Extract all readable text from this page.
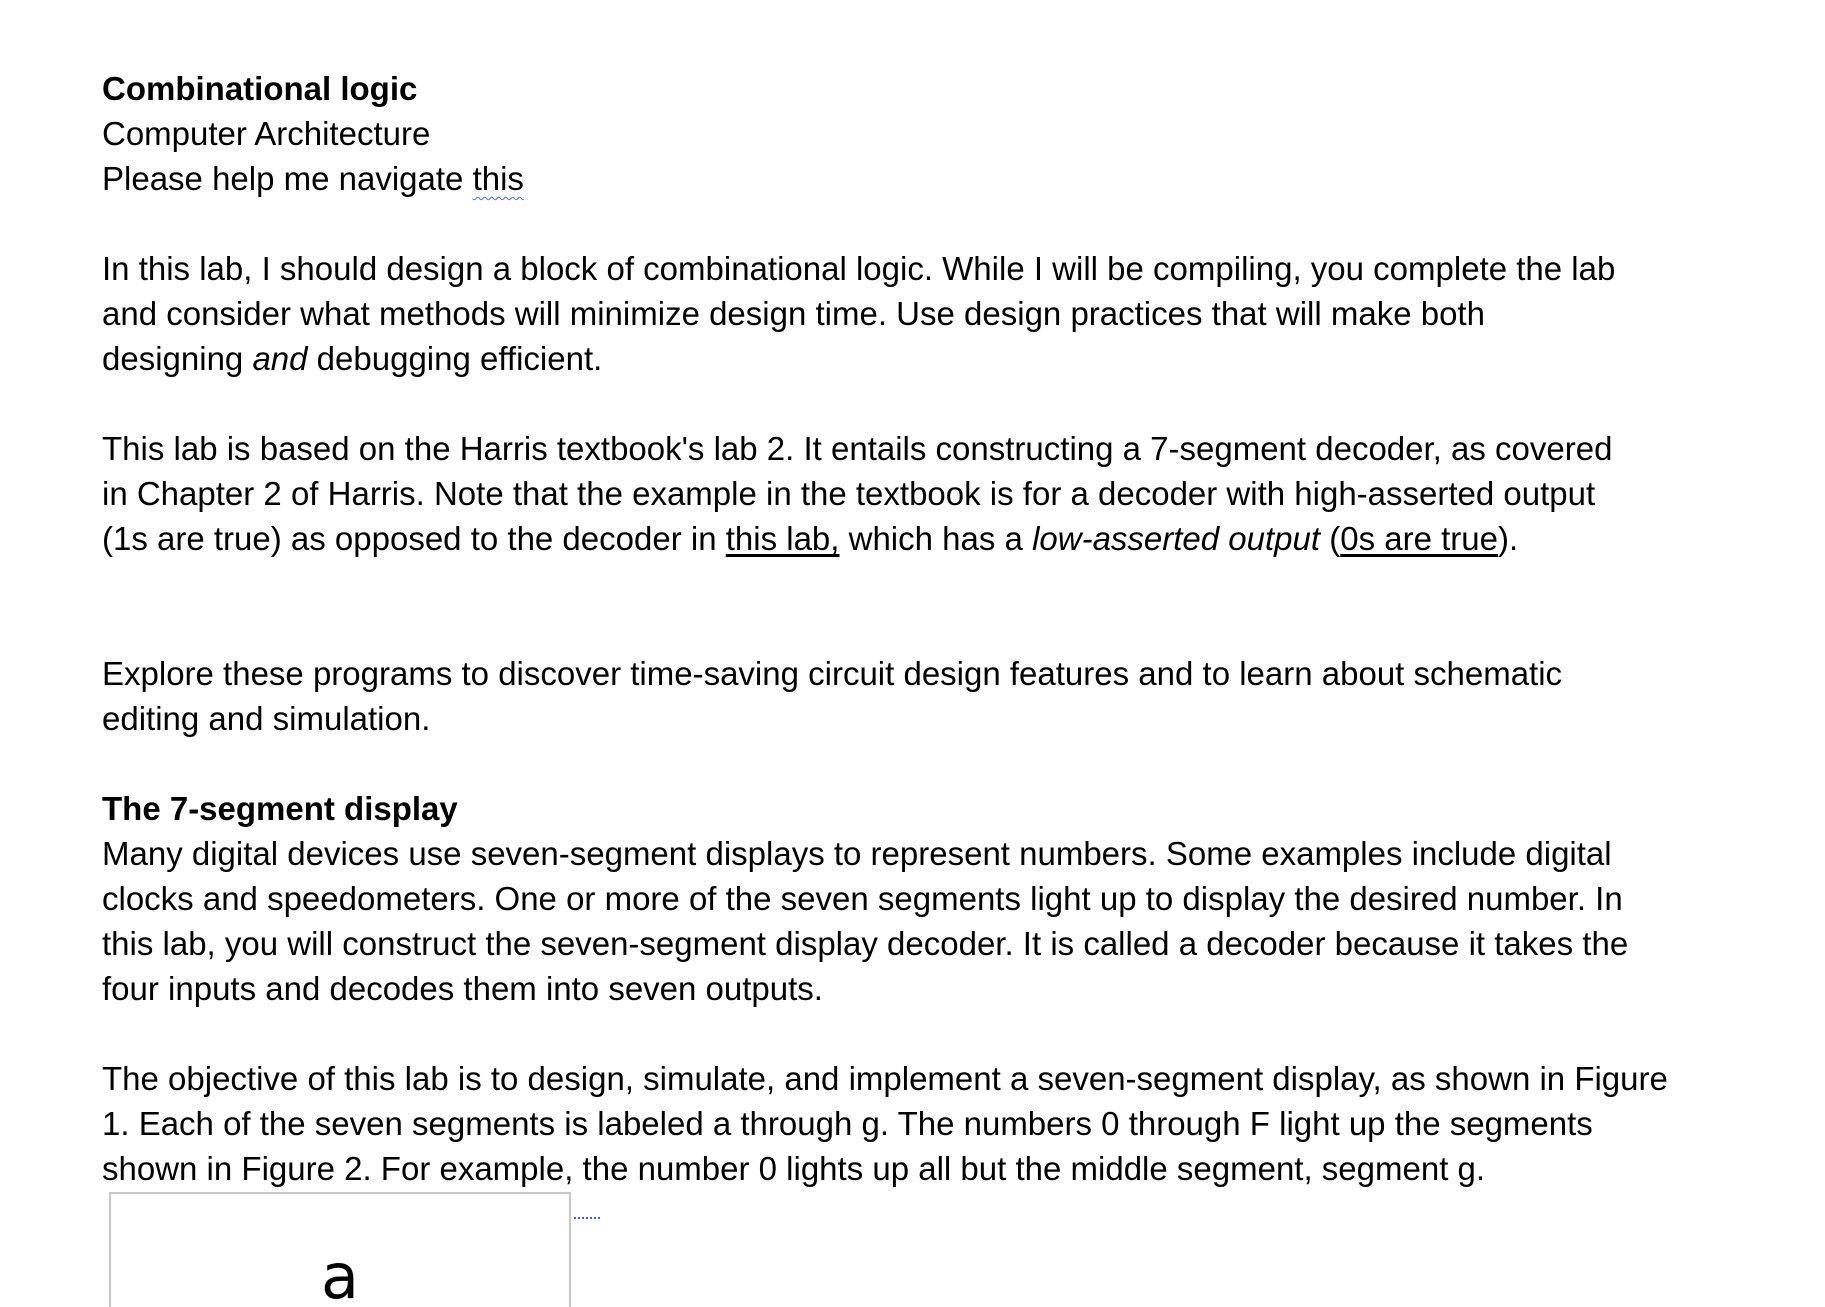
Combinational logic
Computer Architecture
Please help me navigate this
In this lab, I should design a block of combinational logic. While I will be compiling, you complete the lab
and consider what methods will minimize design time. Use design practices that will make both
designing and debugging efficient.
This lab is based on the Harris textbook's lab 2. It entails constructing a 7-segment decoder, as covered
in Chapter 2 of Harris. Note that the example in the textbook is for a decoder with high-asserted output
(1s are true) as opposed to the decoder in this lab, which has a low-asserted output (0s are true).
Explore these programs to discover time-saving circuit design features and to learn about schematic
editing and simulation.
The 7-segment display
Many digital devices use seven-segment displays to represent numbers. Some examples include digital
clocks and speedometers. One or more of the seven segments light up to display the desired number. In
this lab, you will construct the seven-segment display decoder. It is called a decoder because it takes the
four inputs and decodes them into seven outputs.
The objective of this lab is to design, simulate, and implement a seven-segment display, as shown in Figure
1. Each of the seven segments is labeled a through g. The numbers 0 through F light up the segments
shown in Figure 2. For example, the number 0 lights up all but the middle segment, segment g.
a
